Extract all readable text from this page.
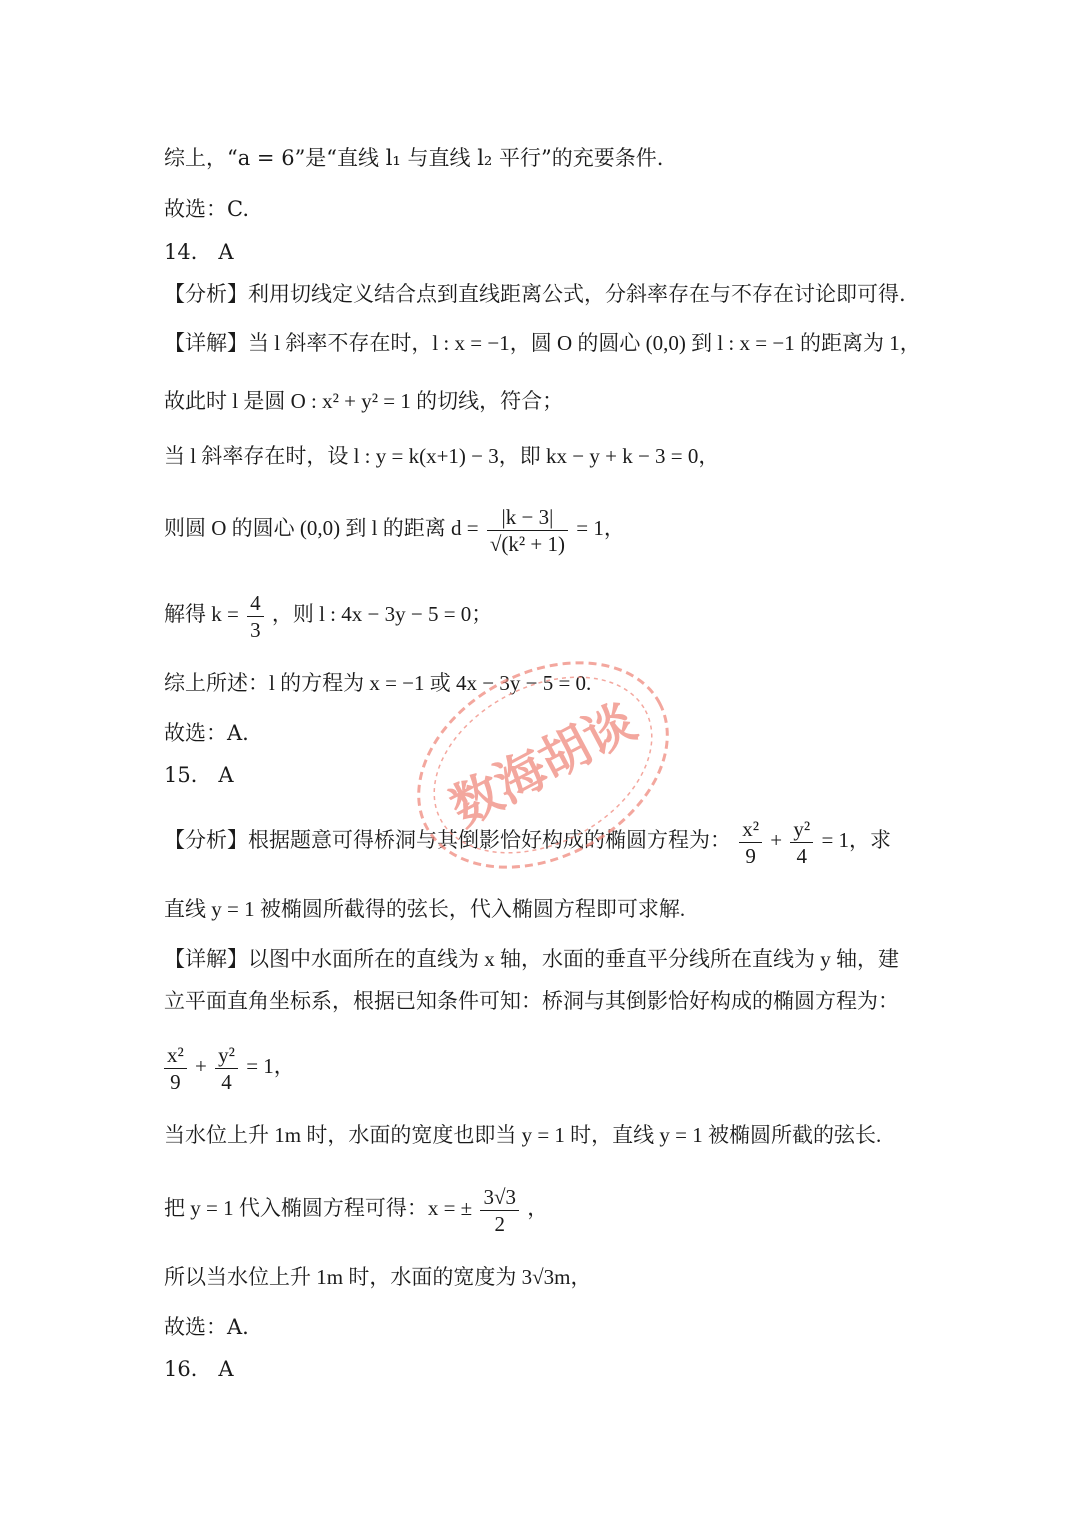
综上，“a = 6”是“直线 l₁ 与直线 l₂ 平行”的充要条件.
故选：C.
14． A
【分析】利用切线定义结合点到直线距离公式，分斜率存在与不存在讨论即可得.
【详解】当 l 斜率不存在时，l : x = −1，圆 O 的圆心 (0,0) 到 l : x = −1 的距离为 1，
故此时 l 是圆 O : x² + y² = 1 的切线，符合；
当 l 斜率存在时，设 l : y = k(x+1) − 3，即 kx − y + k − 3 = 0，
则圆 O 的圆心 (0,0) 到 l 的距离 $d = \frac{|k - 3|}{\text{√(k² + 1)}} = 1$，
解得 $k = \frac{4}{3}$ ，则 l : 4x − 3y − 5 = 0；
综上所述：l 的方程为 x = −1 或 4x − 3y − 5 = 0.
故选：A.
15． A
【分析】根据题意可得桥洞与其倒影恰好构成的椭圆方程为： $\frac{\text{x²}}{9} + \frac{\text{y²}}{4} = 1$，求
直线 y = 1 被椭圆所截得的弦长，代入椭圆方程即可求解.
【详解】以图中水面所在的直线为 x 轴，水面的垂直平分线所在直线为 y 轴，建
立平面直角坐标系，根据已知条件可知：桥洞与其倒影恰好构成的椭圆方程为：
$\frac{\text{x²}}{9} + \frac{\text{y²}}{4} = 1$，
当水位上升 1m 时，水面的宽度也即当 y = 1 时，直线 y = 1 被椭圆所截的弦长.
把 y = 1 代入椭圆方程可得：x = ± $\frac{3√3}{2}$ ，
所以当水位上升 1m 时，水面的宽度为 3√3m，
故选：A.
16． A
数海胡谈
